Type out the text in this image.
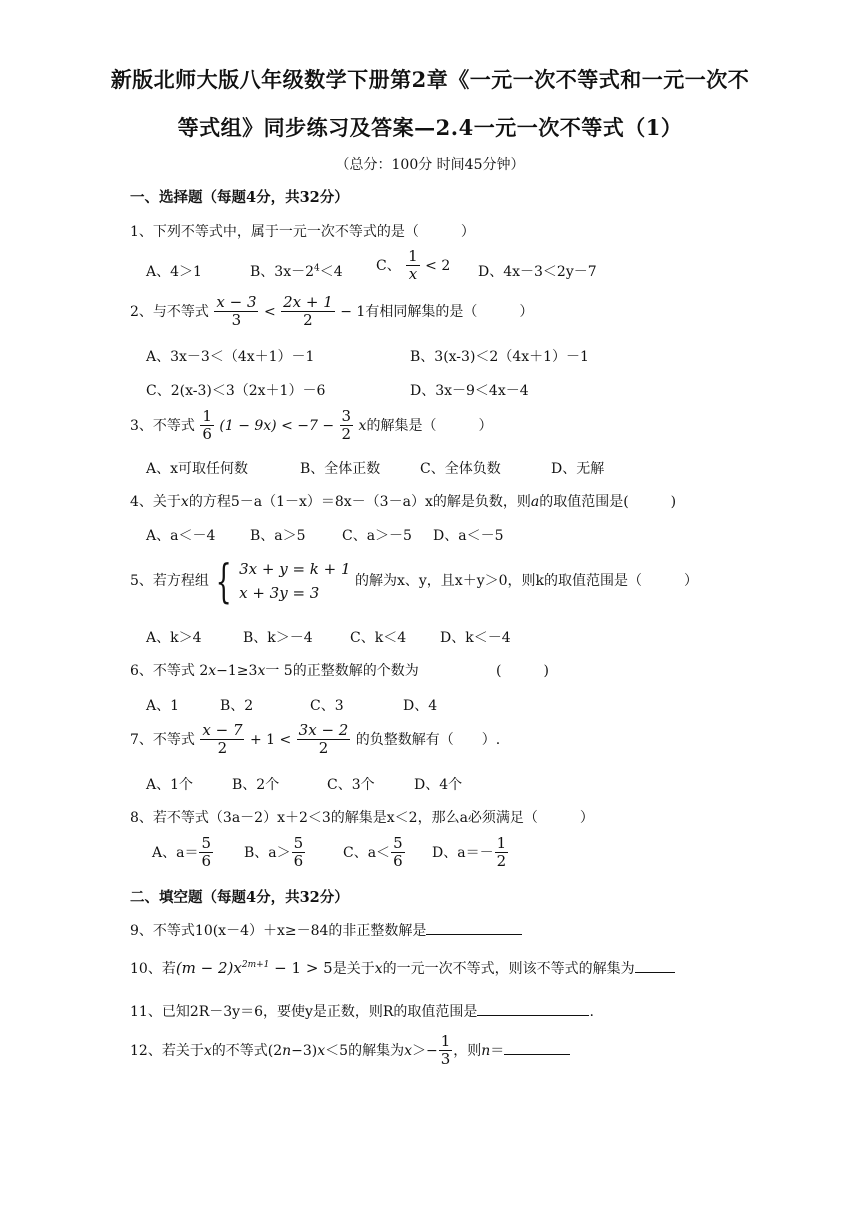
新版北师大版八年级数学下册第2章《一元一次不等式和一元一次不
等式组》同步练习及答案—2.4一元一次不等式（1）
（总分：100分 时间45分钟）
一、选择题（每题4分，共32分）
1、下列不等式中，属于一元一次不等式的是（　　　）
A、4＞1	B、$3x-2^4<4$ C、 $\frac{1}{x} < 2$ D、4x－3＜2y－7
2、与不等式 $\frac{x - 3}{3} < \frac{2x + 1}{2} - 1$有相同解集的是（　　　）
A、3x－3＜（4x＋1）－1	B、3(x-3)＜2（4x＋1）－1
C、2(x-3)＜3（2x＋1）－6	D、3x－9＜4x－4
3、不等式 $\frac{1}{6} (1 - 9x) < -7 - \frac{3}{2}$ x的解集是（　　　）
A、x可取任何数	B、全体正数	C、全体负数	D、无解
4、关于x的方程5－a（1－x）＝8x－（3－a）x的解是负数，则a的取值范围是(　　　)
A、a＜－4 B、a＞5	C、a＞－5 D、a＜－5
5、若方程组 { 3x + y = k + 1
x + 3y = 3
的解为x、y，且x＋y＞0，则k的取值范围是（　　　）
A、k＞4	B、k＞－4	C、k＜4 D、k＜－4
6、不等式 2x−1≥3x一 5的正整数解的个数为	(　　　)
A、1	B、2	C、3	D、4
7、不等式 $\frac{x - 7}{2} + 1 < \frac{3x - 2}{2}$ 的负整数解有（　　）.
A、1个	B、2个	C、3个	D、4个
8、若不等式（3a－2）x＋2＜3的解集是x＜2，那么a必须满足（　　　）
A、$a= \frac{5}{6}$ B、$a> \frac{5}{6}$	C、$a< \frac{5}{6}$ D、$a=- \frac{1}{2}$
二、填空题（每题4分，共32分）
9、不等式10(x－4）＋x≥－84的非正整数解是
10、若$(m - 2)x^{2m+1} - 1 > 5$是关于x的一元一次不等式，则该不等式的解集为
11、已知2R－3y＝6，要使y是正数，则R的取值范围是	.
12、若关于x的不等式(2n−3)x＜5的解集为$x>- \frac{1}{3}$ ，则n＝
